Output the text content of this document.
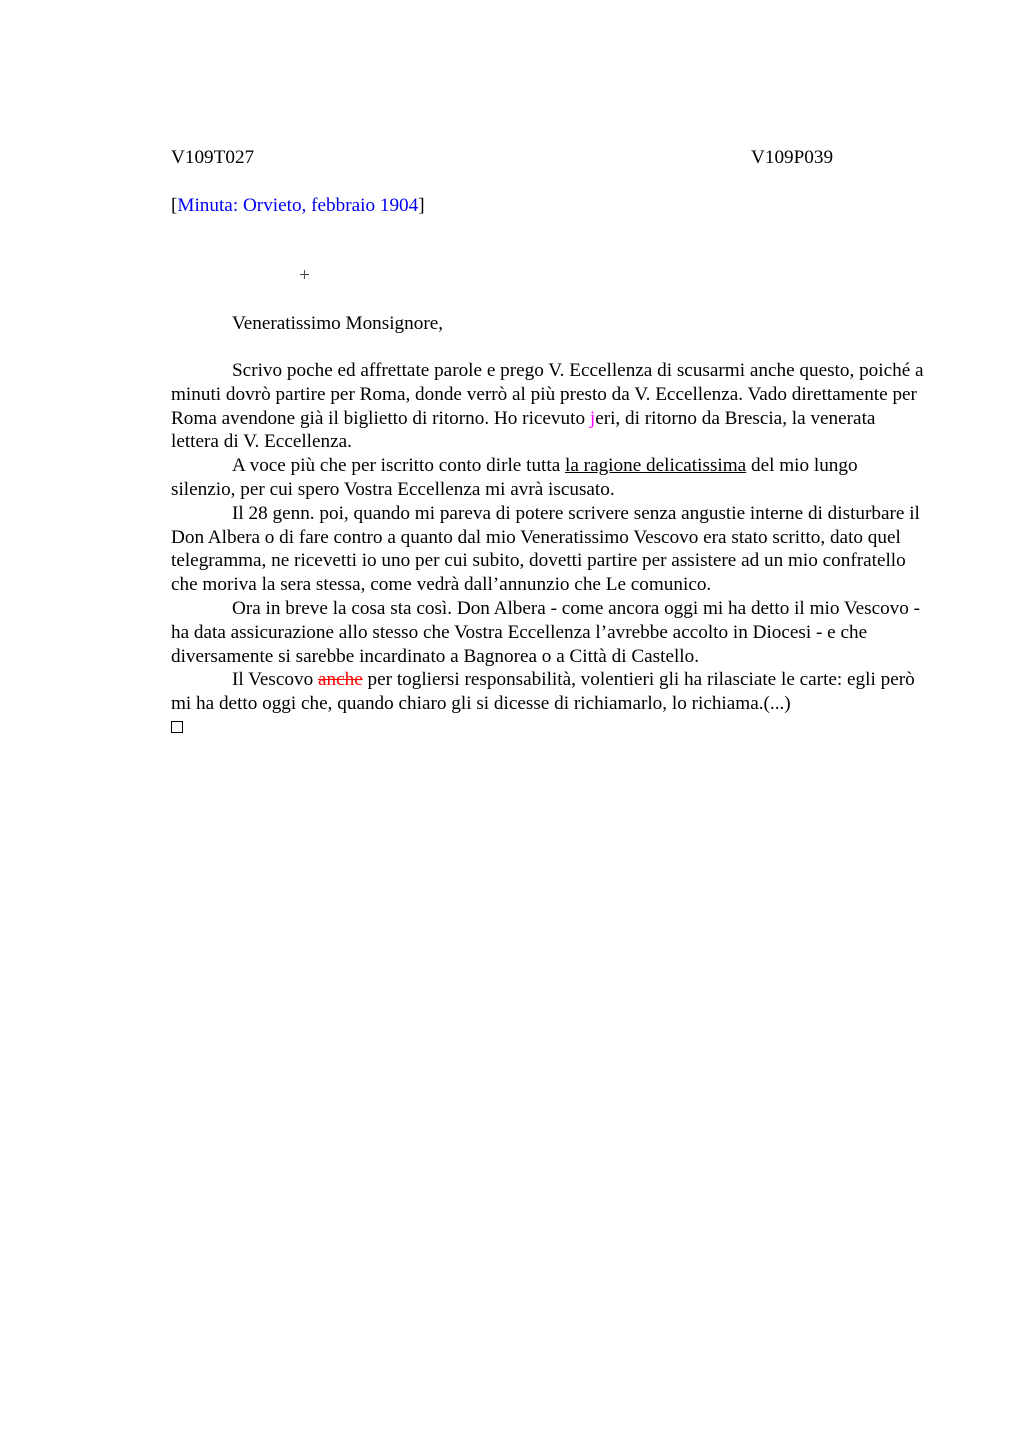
V109T027	V109P039
[Minuta: Orvieto, febbraio 1904]
+
Veneratissimo Monsignore,

Scrivo poche ed affrettate parole e prego V. Eccellenza di scusarmi anche questo, poiché a minuti dovrò partire per Roma, donde verrò al più presto da V. Eccellenza. Vado direttamente per Roma avendone già il biglietto di ritorno. Ho ricevuto jeri, di ritorno da Brescia, la venerata lettera di V. Eccellenza.

A voce più che per iscritto conto dirle tutta la ragione delicatissima del mio lungo silenzio, per cui spero Vostra Eccellenza mi avrà iscusato.

Il 28 genn. poi, quando mi pareva di potere scrivere senza angustie interne di disturbare il Don Albera o di fare contro a quanto dal mio Veneratissimo Vescovo era stato scritto, dato quel telegramma, ne ricevetti io uno per cui subito, dovetti partire per assistere ad un mio confratello che moriva la sera stessa, come vedrà dall’annunzio che Le comunico.

Ora in breve la cosa sta così. Don Albera - come ancora oggi mi ha detto il mio Vescovo - ha data assicurazione allo stesso che Vostra Eccellenza l’avrebbe accolto in Diocesi - e che diversamente si sarebbe incardinato a Bagnorea o a Città di Castello.

Il Vescovo anche per togliersi responsabilità, volentieri gli ha rilasciate le carte: egli però mi ha detto oggi che, quando chiaro gli si dicesse di richiamarlo, lo richiama.(...)
